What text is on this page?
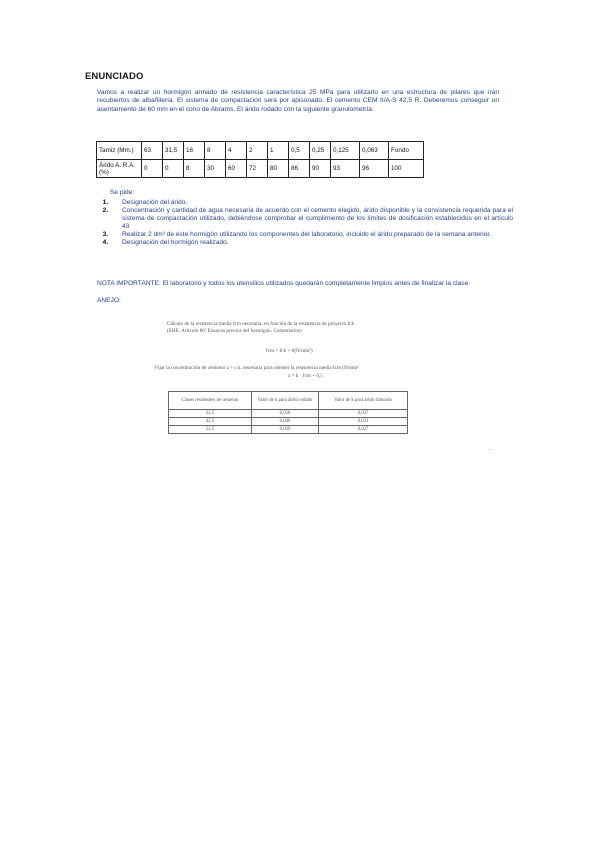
ENUNCIADO
Vamos a realizar un hormigón armado de resistencia característica 25 MPa para utilizarlo en una estructura de pilares que irán recubiertos de albañilería. El sistema de compactación será por apisonado. El cemento CEM II/A-S 42,5 R. Deberemos conseguir un asentamiento de 60 mm en el cono de Abrams. El árido rodado con la siguiente granulometría:
Tamiz (Mm.)	63	31,5	16	8	4	2	1	0,5	0,25	0,125	0,063	Fondo
Árido A. R.A. (%)	0	0	8	30	60	72	80	86	90	93	96	100
Se pide:
1. Designación del árido.
2. Concentración y cantidad de agua necesaria de acuerdo con el cemento elegido, árido disponible y la consistencia requerida para el sistema de compactación utilizado, debiéndose comprobar el cumplimiento de los límites de dosificación establecidos en el artículo 43
3. Realizar 2 dm³ de éste hormigón utilizando los componentes del laboratorio, incluido el árido preparado de la semana anterior.
4. Designación del hormigón realizado.
NOTA IMPORTANTE: El laboratorio y todos los utensilios utilizados quedarán completamente limpios antes de finalizar la clase.
ANEJO:
Cálculo de la resistencia media fcm necesaria, en función de la resistencia de proyecto fck
(EHE. Artículo 86º Ensayos previos del hormigón. Comentarios)
fcm = fck + 8(N/mm²)
Fijar la concentración de cemento z = c/a, necesaria para obtener la resistencia media fcm (N/mm²
z = k · fcm + 0,5
Clases resistentes de cemento	Valor de k para árido rodado	Valor de k para árido triturado
32,5	0,058	0,037
42,5	0,046	0,033
52,5	0,039	0,027
- -
